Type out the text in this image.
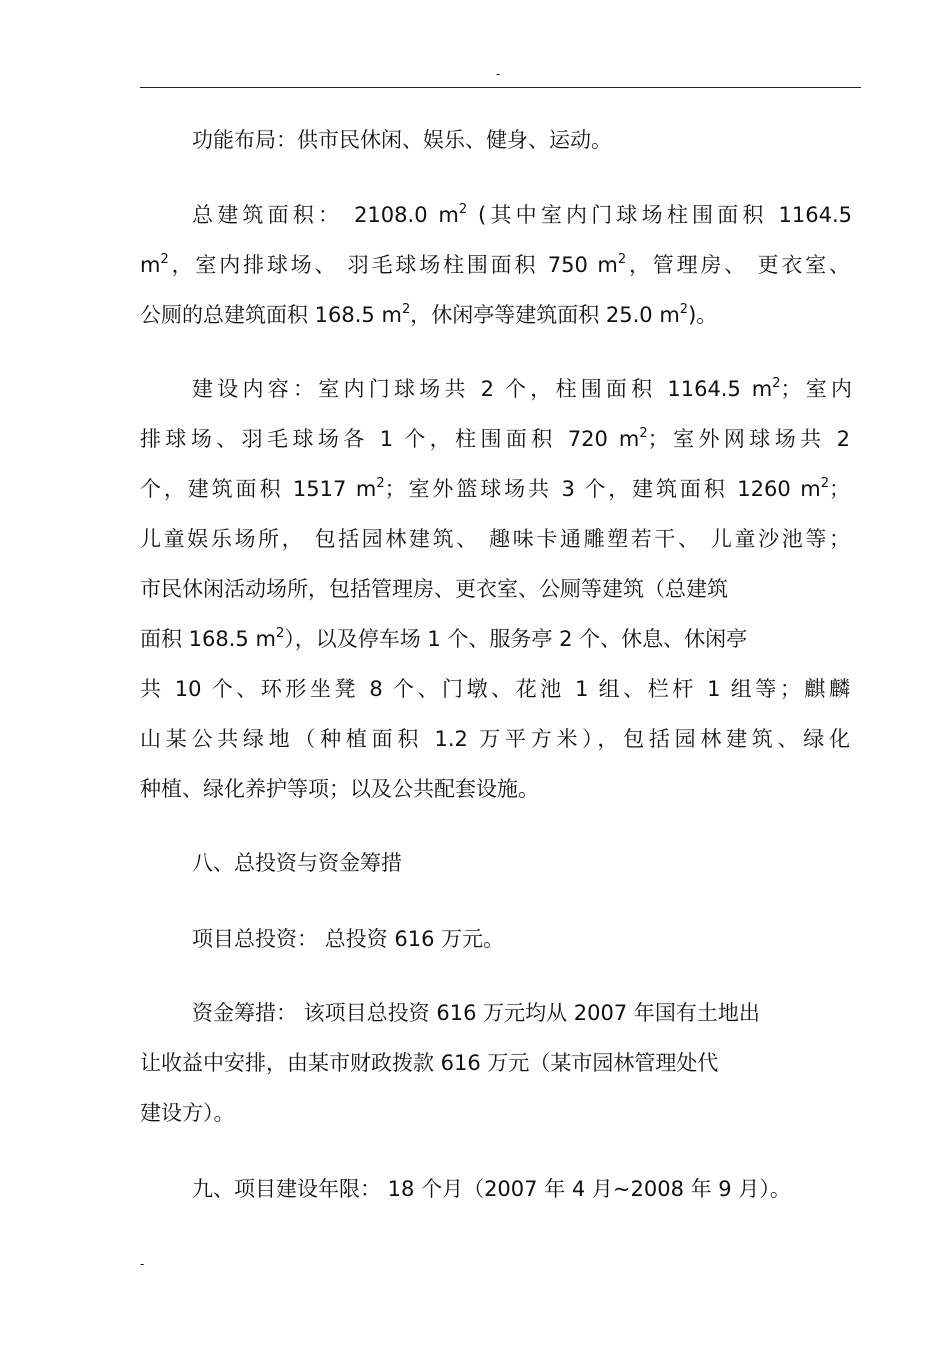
-
功能布局：供市民休闲、娱乐、健身、运动。
总建筑面积： 2108.0 $m^2$ (其中室内门球场柱围面积 1164.5
$m^2$，室内排球场、 羽毛球场柱围面积 750 $m^2$，管理房、 更衣室、
公厕的总建筑面积 168.5 $m^2$，休闲亭等建筑面积 25.0 $m^2$)。
建设内容：室内门球场共 2 个，柱围面积 1164.5 $m^2$；室内
排球场、羽毛球场各 1 个，柱围面积 720 $m^2$；室外网球场共 2
个，建筑面积 1517 $m^2$；室外篮球场共 3 个，建筑面积 1260 $m^2$；
儿童娱乐场所， 包括园林建筑、 趣味卡通雕塑若干、 儿童沙池等；
市民休闲活动场所，包括管理房、更衣室、公厕等建筑（总建筑
面积 168.5 $m^2$），以及停车场 1 个、服务亭 2 个、休息、休闲亭
共 10 个、环形坐凳 8 个、门墩、花池 1 组、栏杆 1 组等；麒麟
山某公共绿地（种植面积 1.2 万平方米），包括园林建筑、绿化
种植、绿化养护等项；以及公共配套设施。
八、总投资与资金筹措
项目总投资： 总投资 616 万元。
资金筹措： 该项目总投资 616 万元均从 2007 年国有土地出
让收益中安排，由某市财政拨款 616 万元（某市园林管理处代
建设方）。
九、项目建设年限： 18 个月（2007 年 4 月~2008 年 9 月）。
-
